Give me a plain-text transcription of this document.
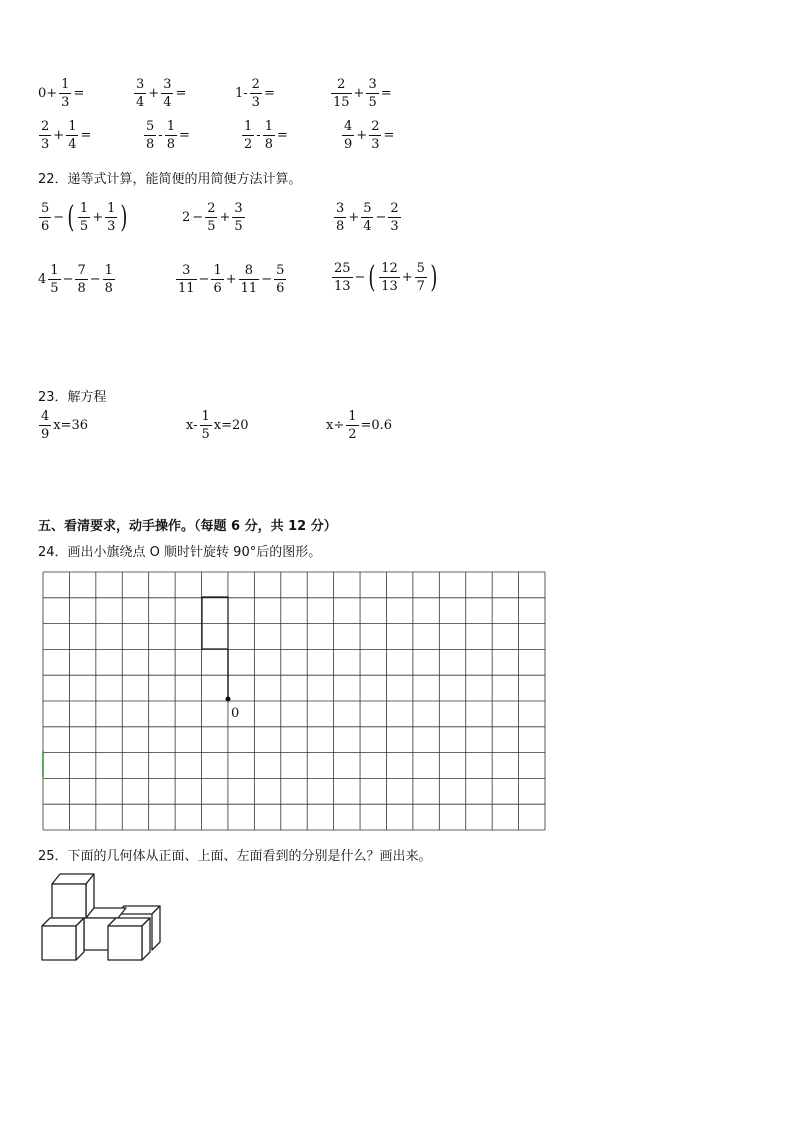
$0+ \frac{1}{3}$ =	$\frac{3}{4} + \frac{3}{4}$ =	$1- \frac{2}{3}$ =	$\frac{2}{15} + \frac{3}{5}$ =
$\frac{2}{3} + \frac{1}{4}$ =	$\frac{5}{8} - \frac{1}{8}$ =	$\frac{1}{2} - \frac{1}{8}$ =	$\frac{4}{9} + \frac{2}{3}$ =
22．递等式计算，能简便的用简便方法计算。
$\frac{5}{6}$ − ( $\frac{1}{5} + \frac{1}{3}$ )	$2 - \frac{2}{5} + \frac{3}{5}$	$\frac{3}{8} + \frac{5}{4} - \frac{2}{3}$
$4 \frac{1}{5} - \frac{7}{8} - \frac{1}{8}$	$\frac{3}{11} - \frac{1}{6} + \frac{8}{11} - \frac{5}{6}$	$\frac{25}{13}$ − ( $\frac{12}{13} + \frac{5}{7}$ )
23．解方程
$\frac{4}{9} x=36$	$x- \frac{1}{5} x=20$	$x\div \frac{1}{2} =0.6$
五、看清要求，动手操作。（每题 6 分，共 12 分）
24．画出小旗绕点 O 顺时针旋转 90°后的图形。
0
25．下面的几何体从正面、上面、左面看到的分别是什么？画出来。
